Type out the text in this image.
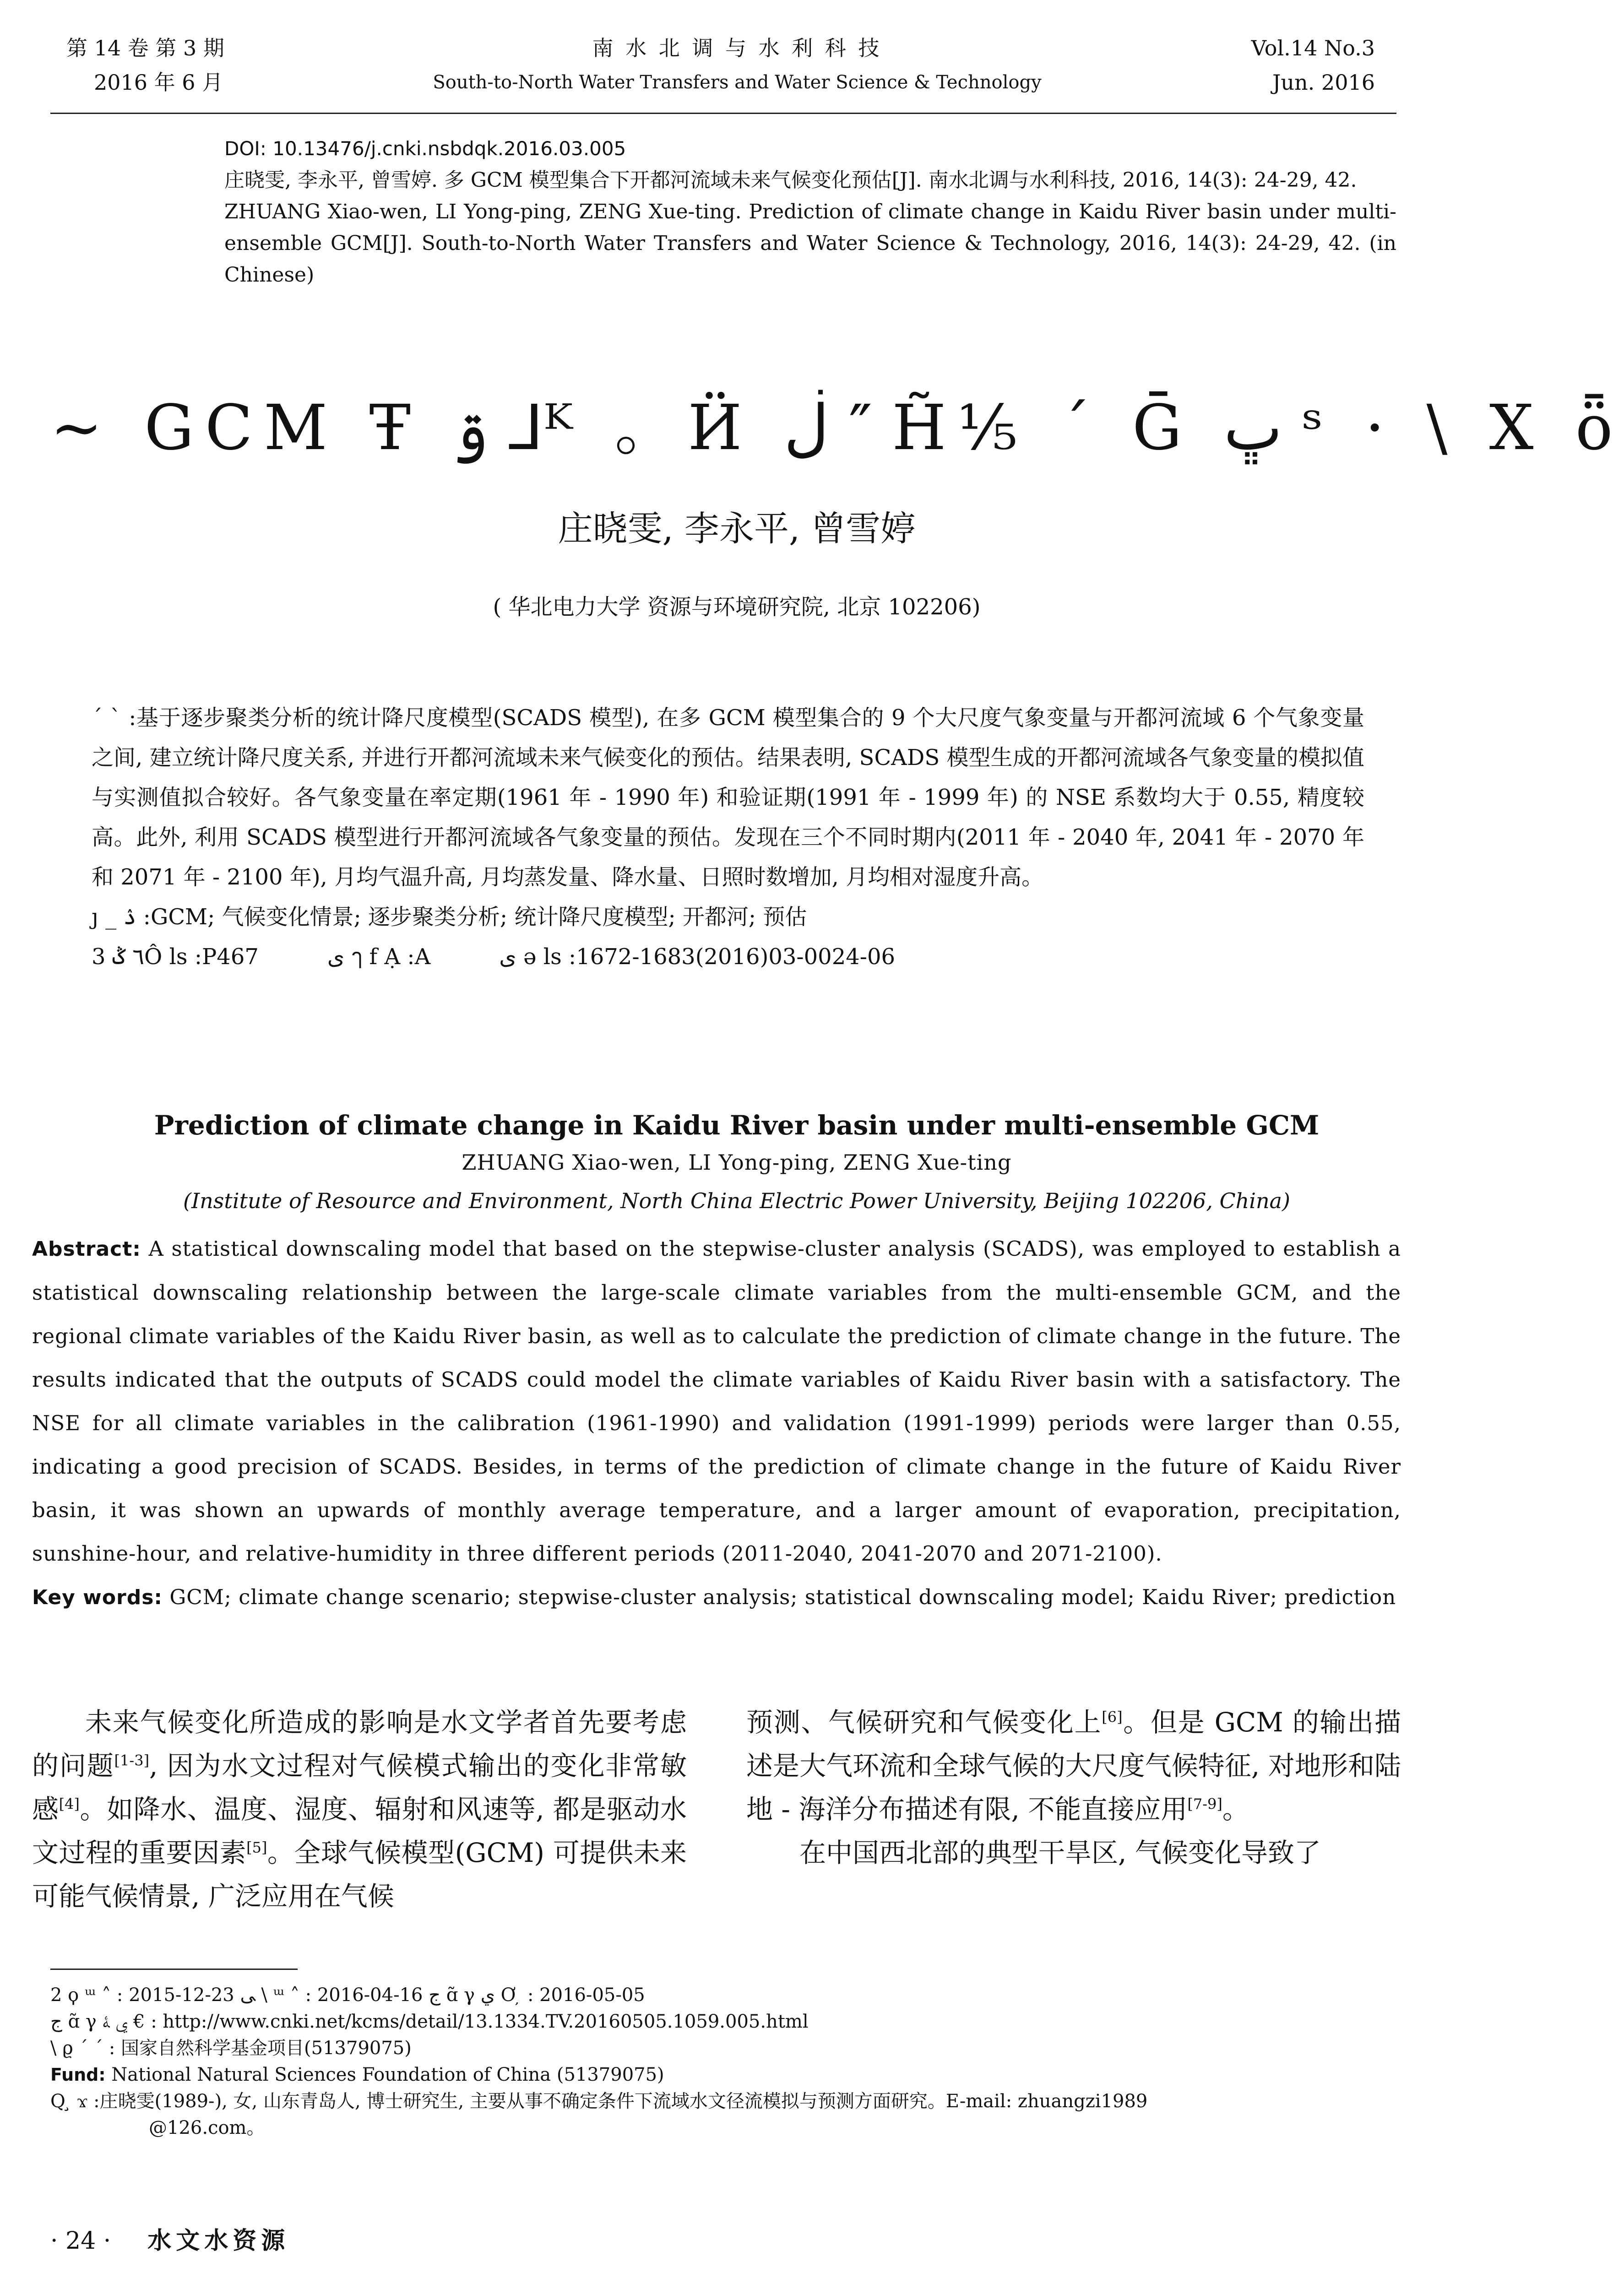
第 14 卷 第 3 期
2016 年 6 月
南 水 北 调 与 水 利 科 技
South-to-North Water Transfers and Water Science & Technology
Vol.14 No.3
Jun. 2016

DOI: 10.13476/j.cnki.nsbdqk.2016.03.005

庄晓雯, 李永平, 曾雪婷. 多 GCM 模型集合下开都河流域未来气候变化预估[J]. 南水北调与水利科技, 2016, 14(3): 24-29, 42.

ZHUANG Xiao-wen, LI Yong-ping, ZENG Xue-ting. Prediction of climate change in Kaidu River basin under multi-ensemble GCM[J]. South-to-North Water Transfers and Water Science & Technology, 2016, 14(3): 24-29, 42. (in Chinese)

~ GCM Ŧ ۊ ⅃ᴷ 。Ӥ ڶ ″ H̃⅕ ´ Ḡ ڀ ˢ · \ X ȫ
庄晓雯, 李永平, 曾雪婷
( 华北电力大学 资源与环境研究院, 北京 102206)

ˊ ˋ :基于逐步聚类分析的统计降尺度模型(SCADS 模型), 在多 GCM 模型集合的 9 个大尺度气象变量与开都河流域 6 个气象变量之间, 建立统计降尺度关系, 并进行开都河流域未来气候变化的预估。结果表明, SCADS 模型生成的开都河流域各气象变量的模拟值与实测值拟合较好。各气象变量在率定期(1961 年 - 1990 年) 和验证期(1991 年 - 1999 年) 的 NSE 系数均大于 0.55, 精度较高。此外, 利用 SCADS 模型进行开都河流域各气象变量的预估。发现在三个不同时期内(2011 年 - 2040 年, 2041 年 - 2070 年和 2071 年 - 2100 年), 月均气温升高, 月均蒸发量、降水量、日照时数增加, 月均相对湿度升高。

ȷ _ ۮ :GCM; 气候变化情景; 逐步聚类分析; 统计降尺度模型; 开都河; 预估

3 ٦ ݣÔ ls :P467	ى ๅ f Ạ :A	ى ǝ ls :1672-1683(2016)03-0024-06

Prediction of climate change in Kaidu River basin under multi-ensemble GCM
ZHUANG Xiao-wen, LI Yong-ping, ZENG Xue-ting
(Institute of Resource and Environment, North China Electric Power University, Beijing 102206, China)

Abstract: A statistical downscaling model that based on the stepwise-cluster analysis (SCADS), was employed to establish a statistical downscaling relationship between the large-scale climate variables from the multi-ensemble GCM, and the regional climate variables of the Kaidu River basin, as well as to calculate the prediction of climate change in the future. The results indicated that the outputs of SCADS could model the climate variables of Kaidu River basin with a satisfactory. The NSE for all climate variables in the calibration (1961-1990) and validation (1991-1999) periods were larger than 0.55, indicating a good precision of SCADS. Besides, in terms of the prediction of climate change in the future of Kaidu River basin, it was shown an upwards of monthly average temperature, and a larger amount of evaporation, precipitation, sunshine-hour, and relative-humidity in three different periods (2011-2040, 2041-2070 and 2071-2100).

Key words: GCM; climate change scenario; stepwise-cluster analysis; statistical downscaling model; Kaidu River; prediction

未来气候变化所造成的影响是水文学者首先要考虑的问题[1-3], 因为水文过程对气候模式输出的变化非常敏感[4]。如降水、温度、湿度、辐射和风速等, 都是驱动水文过程的重要因素[5]。全球气候模型(GCM) 可提供未来可能气候情景, 广泛应用在气候

预测、气候研究和气候变化上[6]。但是 GCM 的输出描述是大气环流和全球气候的大尺度气候特征, 对地形和陆地 - 海洋分布描述有限, 不能直接应用[7-9]。

在中国西北部的典型干旱区, 气候变化导致了

2 ϙ ᵚ ˄ : 2015-12-23 ﯽ \ ᵚ ˄ : 2016-04-16 ج ɑ̃ γ ي Ơ ̦ : 2016-05-05

ج ɑ̃ γ ي ﮥ € : http://www.cnki.net/kcms/detail/13.1334.TV.20160505.1059.005.html

\ ϱ ´ ˊ : 国家自然科学基金项目(51379075)

Fund: National Natural Sciences Foundation of China (51379075)

Q ̧ ϫ :庄晓雯(1989-), 女, 山东青岛人, 博士研究生, 主要从事不确定条件下流域水文径流模拟与预测方面研究。E-mail: zhuangzi1989

@126.com。

· 24 · 水文水资源
